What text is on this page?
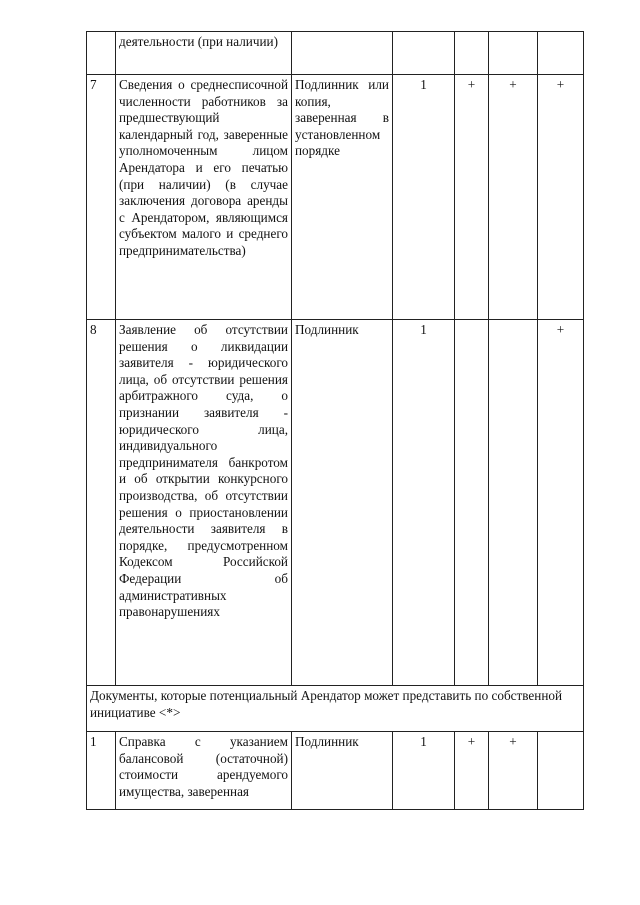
	деятельности (при наличии)					
7	Сведения о среднесписочной численности работников за предшествующий календарный год, заверенные уполномоченным лицом Арендатора и его печатью (при наличии) (в случае заключения договора аренды с Арендатором, являющимся субъектом малого и среднего предпринимательства)	Подлинник или копия, заверенная в установленном порядке	1	+	+	+
8	Заявление об отсутствии решения о ликвидации заявителя - юридического лица, об отсутствии решения арбитражного суда, о признании заявителя - юридического лица, индивидуального предпринимателя банкротом и об открытии конкурсного производства, об отсутствии решения о приостановлении деятельности заявителя в порядке, предусмотренном Кодексом Российской Федерации об административных правонарушениях	Подлинник	1			+
Документы, которые потенциальный Арендатор может представить по собственной инициативе <*>						
1	Справка с указанием балансовой (остаточной) стоимости арендуемого имущества, заверенная	Подлинник	1	+	+	
